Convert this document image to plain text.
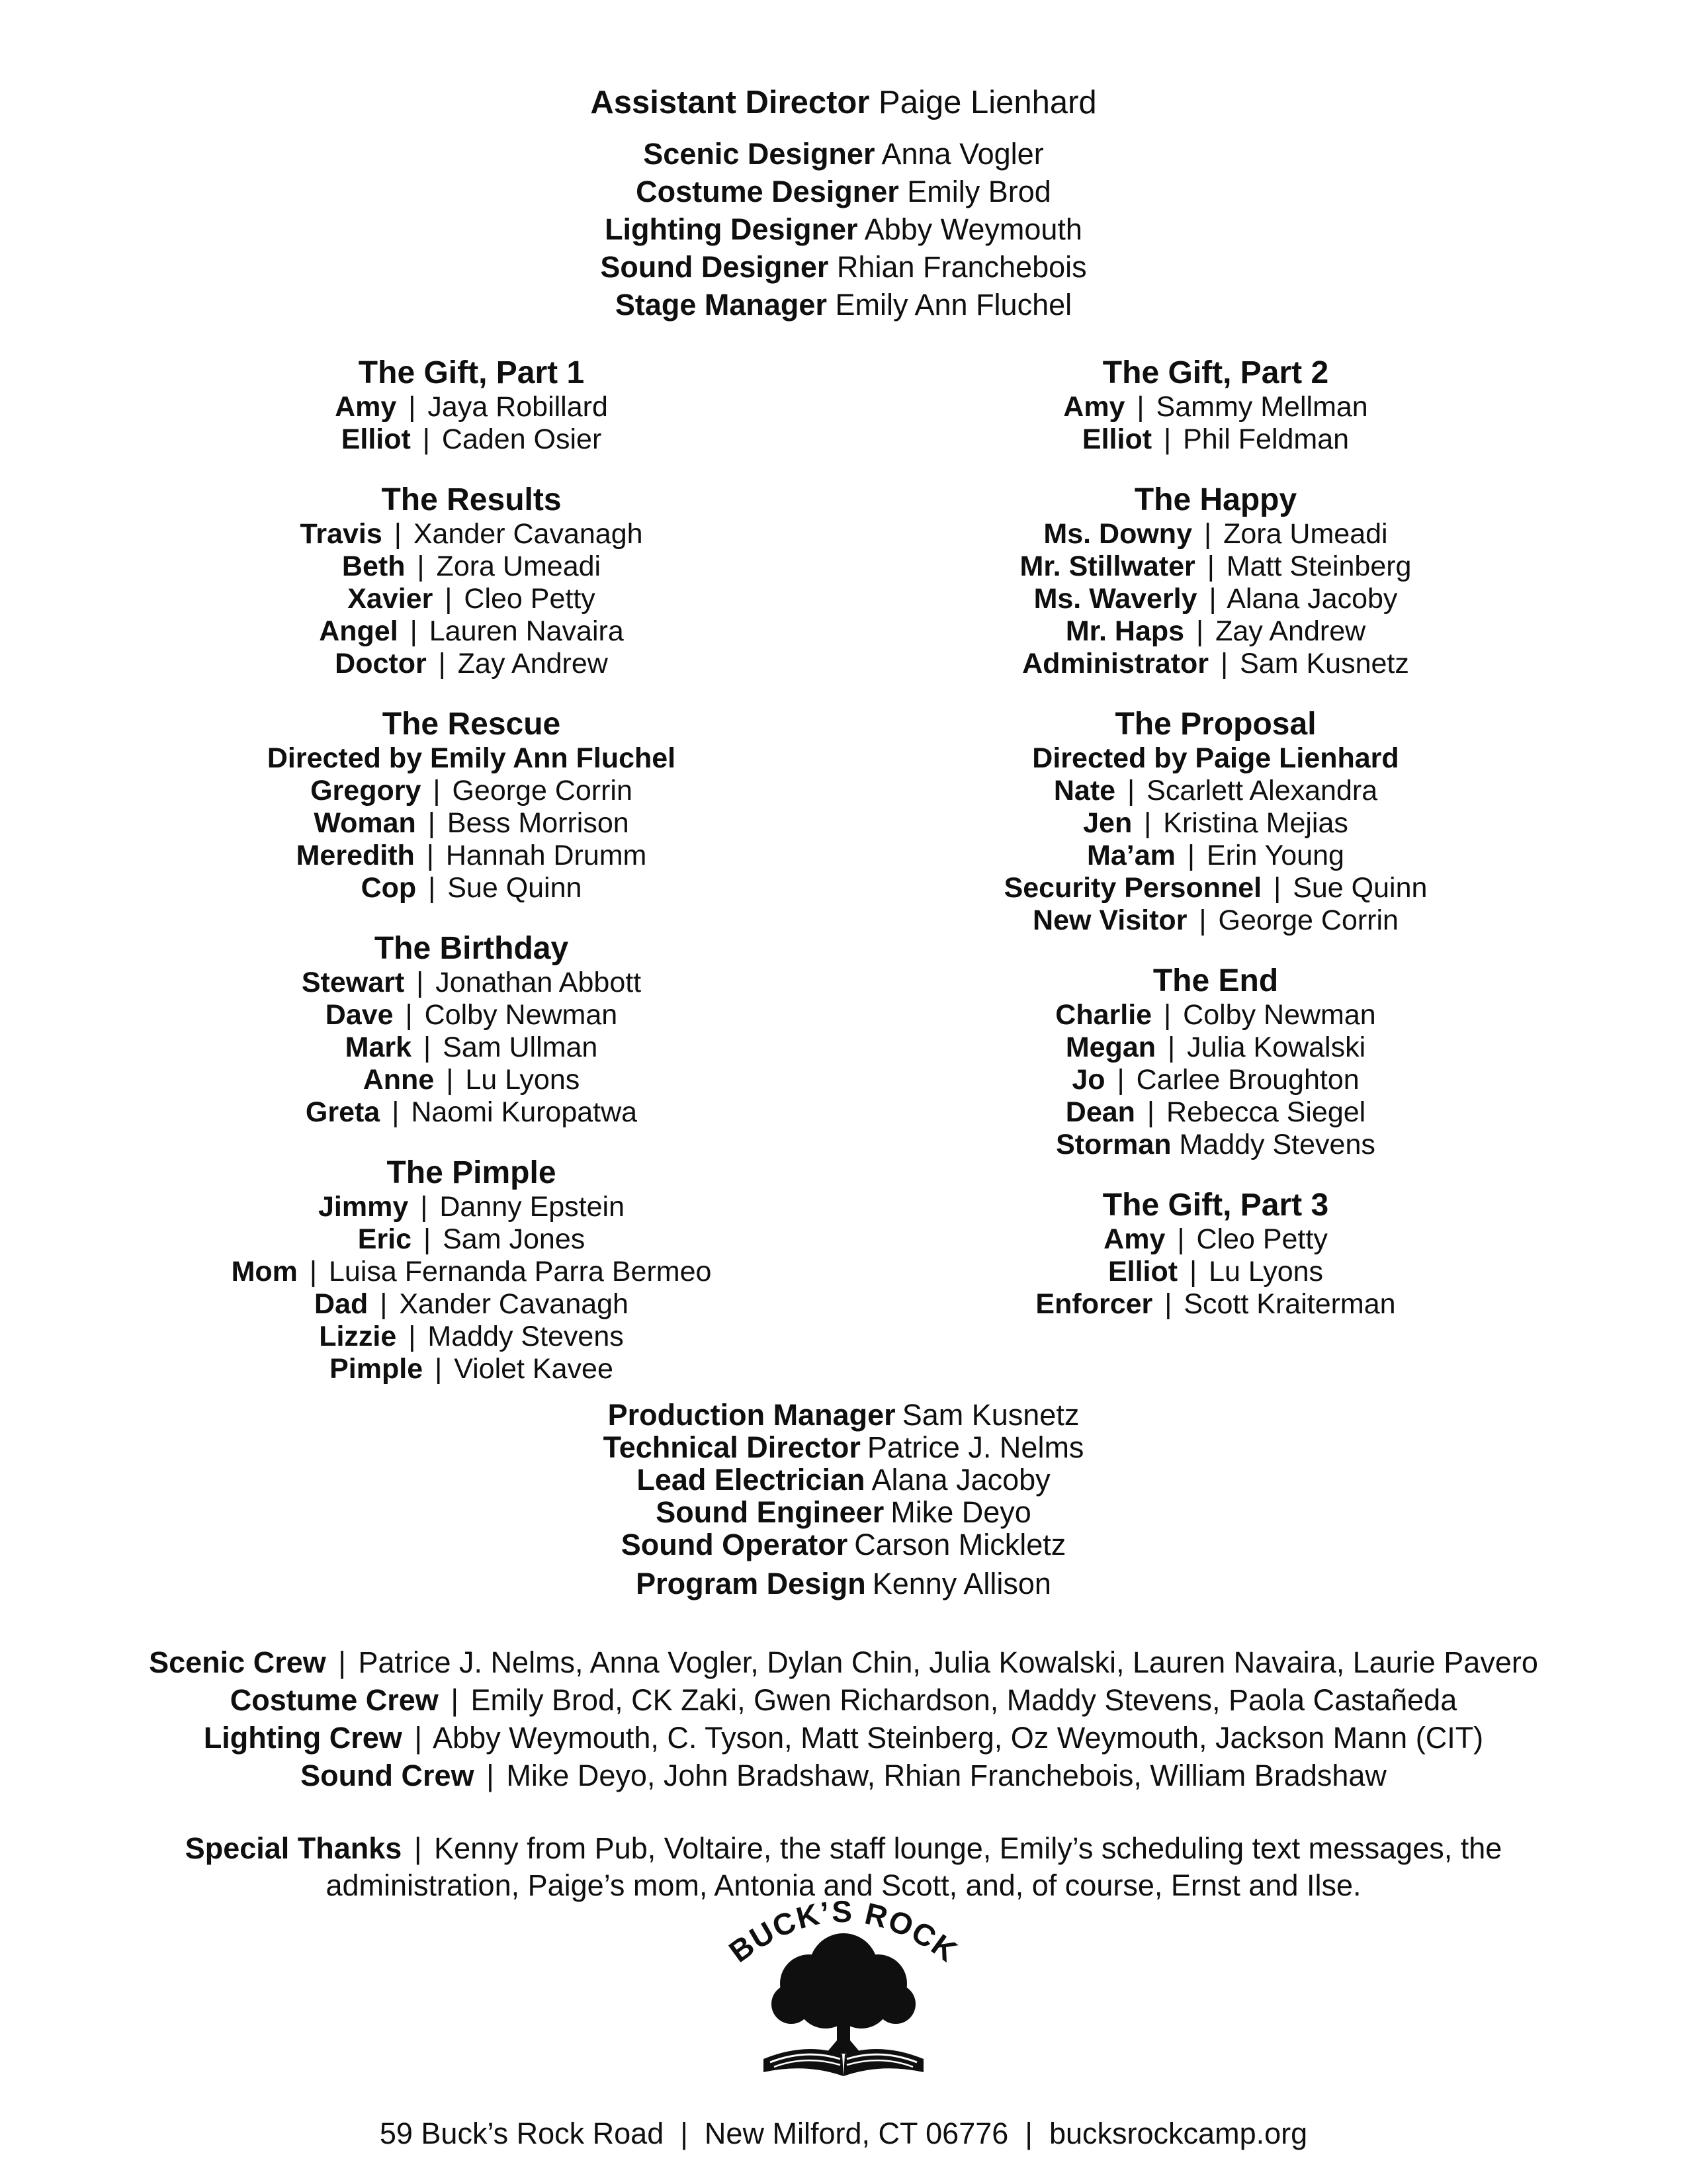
Assistant Director Paige Lienhard
Scenic Designer Anna Vogler
Costume Designer Emily Brod
Lighting Designer Abby Weymouth
Sound Designer Rhian Franchebois
Stage Manager Emily Ann Fluchel
The Gift, Part 1
Amy | Jaya Robillard
Elliot | Caden Osier
The Results
Travis | Xander Cavanagh
Beth | Zora Umeadi
Xavier | Cleo Petty
Angel | Lauren Navaira
Doctor | Zay Andrew
The Rescue
Directed by Emily Ann Fluchel
Gregory | George Corrin
Woman | Bess Morrison
Meredith | Hannah Drumm
Cop | Sue Quinn
The Birthday
Stewart | Jonathan Abbott
Dave | Colby Newman
Mark | Sam Ullman
Anne | Lu Lyons
Greta | Naomi Kuropatwa
The Pimple
Jimmy | Danny Epstein
Eric | Sam Jones
Mom | Luisa Fernanda Parra Bermeo
Dad | Xander Cavanagh
Lizzie | Maddy Stevens
Pimple | Violet Kavee
The Gift, Part 2
Amy | Sammy Mellman
Elliot | Phil Feldman
The Happy
Ms. Downy | Zora Umeadi
Mr. Stillwater | Matt Steinberg
Ms. Waverly | Alana Jacoby
Mr. Haps | Zay Andrew
Administrator | Sam Kusnetz
The Proposal
Directed by Paige Lienhard
Nate | Scarlett Alexandra
Jen | Kristina Mejias
Ma’am | Erin Young
Security Personnel | Sue Quinn
New Visitor | George Corrin
The End
Charlie | Colby Newman
Megan | Julia Kowalski
Jo | Carlee Broughton
Dean | Rebecca Siegel
Storman Maddy Stevens
The Gift, Part 3
Amy | Cleo Petty
Elliot | Lu Lyons
Enforcer | Scott Kraiterman
Production Manager Sam Kusnetz
Technical Director Patrice J. Nelms
Lead Electrician Alana Jacoby
Sound Engineer Mike Deyo
Sound Operator Carson Mickletz
Program Design Kenny Allison
Scenic Crew | Patrice J. Nelms, Anna Vogler, Dylan Chin, Julia Kowalski, Lauren Navaira, Laurie Pavero
Costume Crew | Emily Brod, CK Zaki, Gwen Richardson, Maddy Stevens, Paola Castañeda
Lighting Crew | Abby Weymouth, C. Tyson, Matt Steinberg, Oz Weymouth, Jackson Mann (CIT)
Sound Crew | Mike Deyo, John Bradshaw, Rhian Franchebois, William Bradshaw
Special Thanks | Kenny from Pub, Voltaire, the staff lounge, Emily’s scheduling text messages, the administration, Paige’s mom, Antonia and Scott, and, of course, Ernst and Ilse.
BUCK’S ROCK
59 Buck’s Rock Road  |  New Milford, CT 06776  |  bucksrockcamp.org
